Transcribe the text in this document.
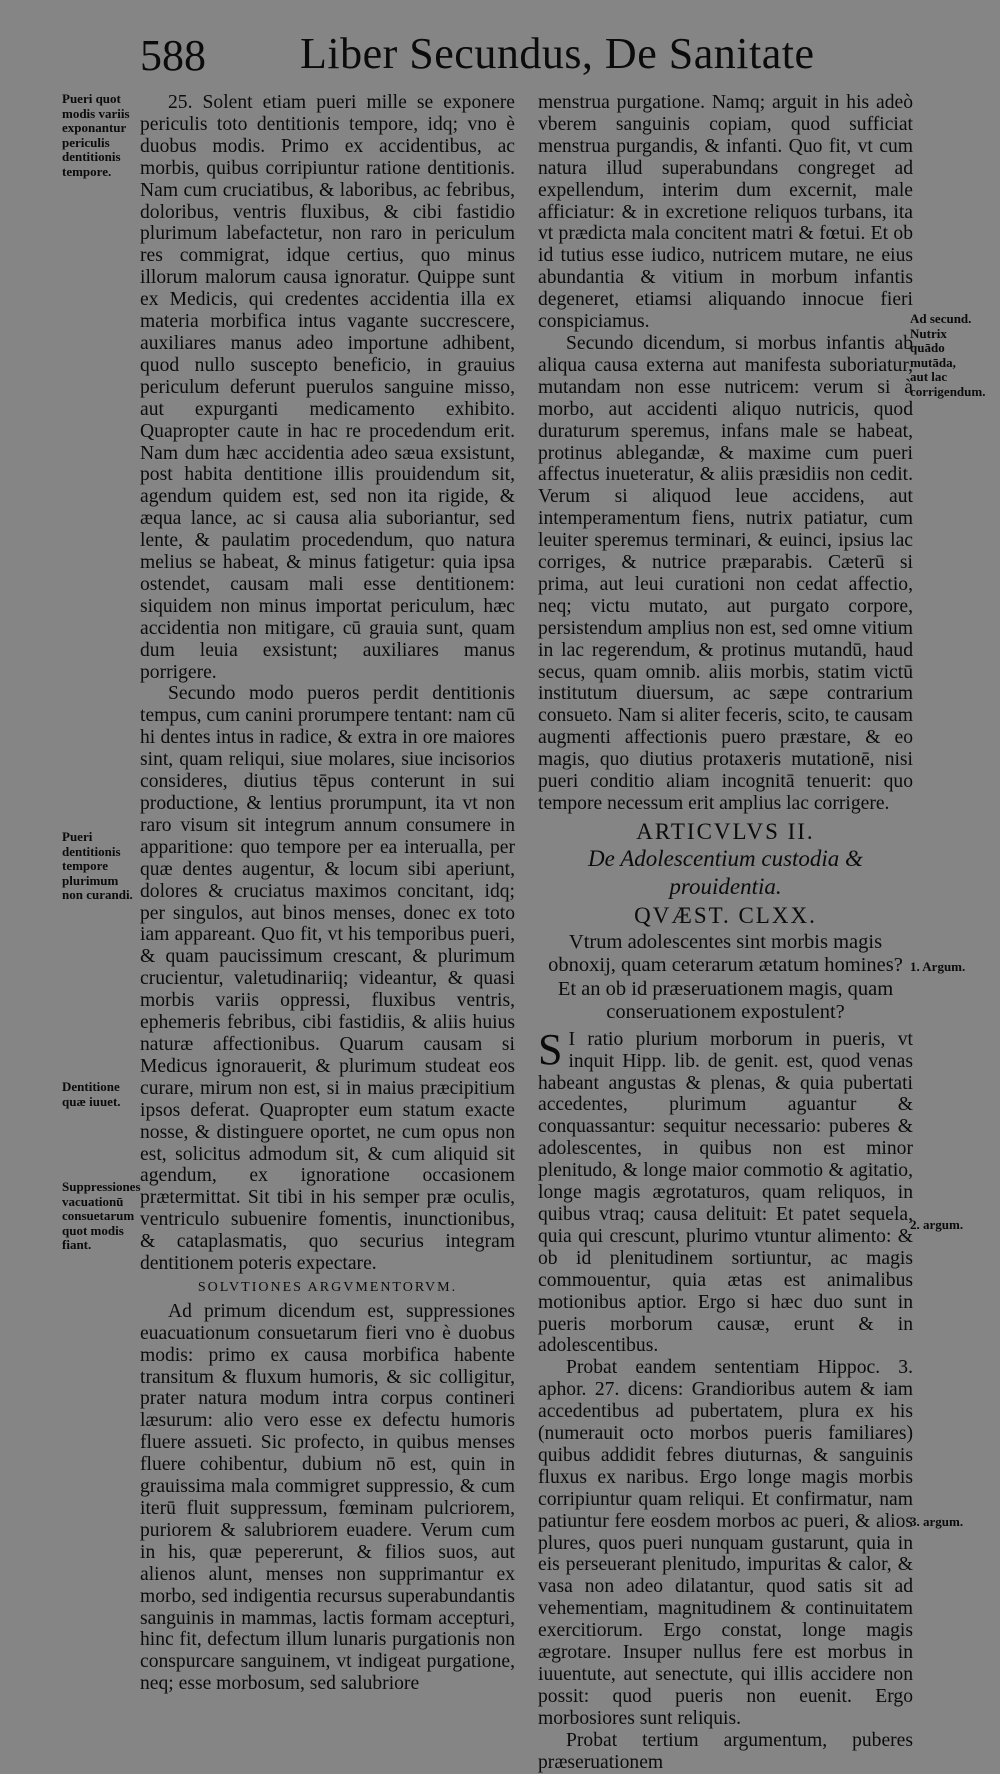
588 Liber Secundus, De Sanitate
Pueri quot modis variis exponantur periculis dentitionis tempore.
Pueri dentitionis tempore plurimum non curandi.
Dentitione quæ iuuet.
Suppressiones vacuationū consuetarum quot modis fiant.
Ad secund. Nutrix quādo mutāda, aut lac corrigendum.
1. Argum.
2. argum.
3. argum.

25. Solent etiam pueri mille se exponere periculis toto dentitionis tempore, idq; vno è duobus modis. Primo ex accidentibus, ac morbis, quibus corripiuntur ratione dentitionis. Nam cum cruciatibus, & laboribus, ac febribus, doloribus, ventris fluxibus, & cibi fastidio plurimum labefactetur, non raro in periculum res commigrat, idque certius, quo minus illorum malorum causa ignoratur. Quippe sunt ex Medicis, qui credentes accidentia illa ex materia morbifica intus vagante succrescere, auxiliares manus adeo importune adhibent, quod nullo suscepto beneficio, in grauius periculum deferunt puerulos sanguine misso, aut expurganti medicamento exhibito. Quapropter caute in hac re procedendum erit. Nam dum hæc accidentia adeo sæua exsistunt, post habita dentitione illis prouidendum sit, agendum quidem est, sed non ita rigide, & æqua lance, ac si causa alia suboriantur, sed lente, & paulatim procedendum, quo natura melius se habeat, & minus fatigetur: quia ipsa ostendet, causam mali esse dentitionem: siquidem non minus importat periculum, hæc accidentia non mitigare, cū grauia sunt, quam dum leuia exsistunt; auxiliares manus porrigere.

Secundo modo pueros perdit dentitionis tempus, cum canini prorumpere tentant: nam cū hi dentes intus in radice, & extra in ore maiores sint, quam reliqui, siue molares, siue incisorios consideres, diutius tēpus conterunt in sui productione, & lentius prorumpunt, ita vt non raro visum sit integrum annum consumere in apparitione: quo tempore per ea interualla, per quæ dentes augentur, & locum sibi aperiunt, dolores & cruciatus maximos concitant, idq; per singulos, aut binos menses, donec ex toto iam appareant. Quo fit, vt his temporibus pueri, & quam paucissimum crescant, & plurimum crucientur, valetudinariiq; videantur, & quasi morbis variis oppressi, fluxibus ventris, ephemeris febribus, cibi fastidiis, & aliis huius naturæ affectionibus. Quarum causam si Medicus ignorauerit, & plurimum studeat eos curare, mirum non est, si in maius præcipitium ipsos deferat. Quapropter eum statum exacte nosse, & distinguere oportet, ne cum opus non est, solicitus admodum sit, & cum aliquid sit agendum, ex ignoratione occasionem prætermittat. Sit tibi in his semper præ oculis, ventriculo subuenire fomentis, inunctionibus, & cataplasmatis, quo securius integram dentitionem poteris expectare.

SOLVTIONES ARGVMENTORVM.

Ad primum dicendum est, suppressiones euacuationum consuetarum fieri vno è duobus modis: primo ex causa morbifica habente transitum & fluxum humoris, & sic colligitur, prater natura modum intra corpus contineri læsurum: alio vero esse ex defectu humoris fluere assueti. Sic profecto, in quibus menses fluere cohibentur, dubium nō est, quin in grauissima mala commigret suppressio, & cum iterū fluit suppressum, fœminam pulcriorem, puriorem & salubriorem euadere. Verum cum in his, quæ pepererunt, & filios suos, aut alienos alunt, menses non supprimantur ex morbo, sed indigentia recursus superabundantis sanguinis in mammas, lactis formam accepturi, hinc fit, defectum illum lunaris purgationis non conspurcare sanguinem, vt indigeat purgatione, neq; esse morbosum, sed salubriore

menstrua purgatione. Namq; arguit in his adeò vberem sanguinis copiam, quod sufficiat menstrua purgandis, & infanti. Quo fit, vt cum natura illud superabundans congreget ad expellendum, interim dum excernit, male afficiatur: & in excretione reliquos turbans, ita vt prædicta mala concitent matri & fœtui. Et ob id tutius esse iudico, nutricem mutare, ne eius abundantia & vitium in morbum infantis degeneret, etiamsi aliquando innocue fieri conspiciamus.

Secundo dicendum, si morbus infantis ab aliqua causa externa aut manifesta suboriatur, mutandam non esse nutricem: verum si à morbo, aut accidenti aliquo nutricis, quod duraturum speremus, infans male se habeat, protinus ablegandæ, & maxime cum pueri affectus inueteratur, & aliis præsidiis non cedit. Verum si aliquod leue accidens, aut intemperamentum fiens, nutrix patiatur, cum leuiter speremus terminari, & euinci, ipsius lac corriges, & nutrice præparabis. Cæterū si prima, aut leui curationi non cedat affectio, neq; victu mutato, aut purgato corpore, persistendum amplius non est, sed omne vitium in lac regerendum, & protinus mutandū, haud secus, quam omnib. aliis morbis, statim victū institutum diuersum, ac sæpe contrarium consueto. Nam si aliter feceris, scito, te causam augmenti affectionis puero præstare, & eo magis, quo diutius protaxeris mutationē, nisi pueri conditio aliam incognitā tenuerit: quo tempore necessum erit amplius lac corrigere.

ARTICVLVS II.
De Adolescentium custodia & prouidentia.
QVÆST. CLXX.
Vtrum adolescentes sint morbis magis obnoxij, quam ceterarum ætatum homines? Et an ob id præseruationem magis, quam conseruationem expostulent?

S I ratio plurium morborum in pueris, vt inquit Hipp. lib. de genit. est, quod venas habeant angustas & plenas, & quia pubertati accedentes, plurimum aguantur & conquassantur: sequitur necessario: puberes & adolescentes, in quibus non est minor plenitudo, & longe maior commotio & agitatio, longe magis ægrotaturos, quam reliquos, in quibus vtraq; causa delituit: Et patet sequela, quia qui crescunt, plurimo vtuntur alimento: & ob id plenitudinem sortiuntur, ac magis commouentur, quia ætas est animalibus motionibus aptior. Ergo si hæc duo sunt in pueris morborum causæ, erunt & in adolescentibus.

Probat eandem sententiam Hippoc. 3. aphor. 27. dicens: Grandioribus autem & iam accedentibus ad pubertatem, plura ex his (numerauit octo morbos pueris familiares) quibus addidit febres diuturnas, & sanguinis fluxus ex naribus. Ergo longe magis morbis corripiuntur quam reliqui. Et confirmatur, nam patiuntur fere eosdem morbos ac pueri, & alios plures, quos pueri nunquam gustarunt, quia in eis perseuerant plenitudo, impuritas & calor, & vasa non adeo dilatantur, quod satis sit ad vehementiam, magnitudinem & continuitatem exercitiorum. Ergo constat, longe magis ægrotare. Insuper nullus fere est morbus in iuuentute, aut senectute, qui illis accidere non possit: quod pueris non euenit. Ergo morbosiores sunt reliquis.

Probat tertium argumentum, puberes præseruationem
